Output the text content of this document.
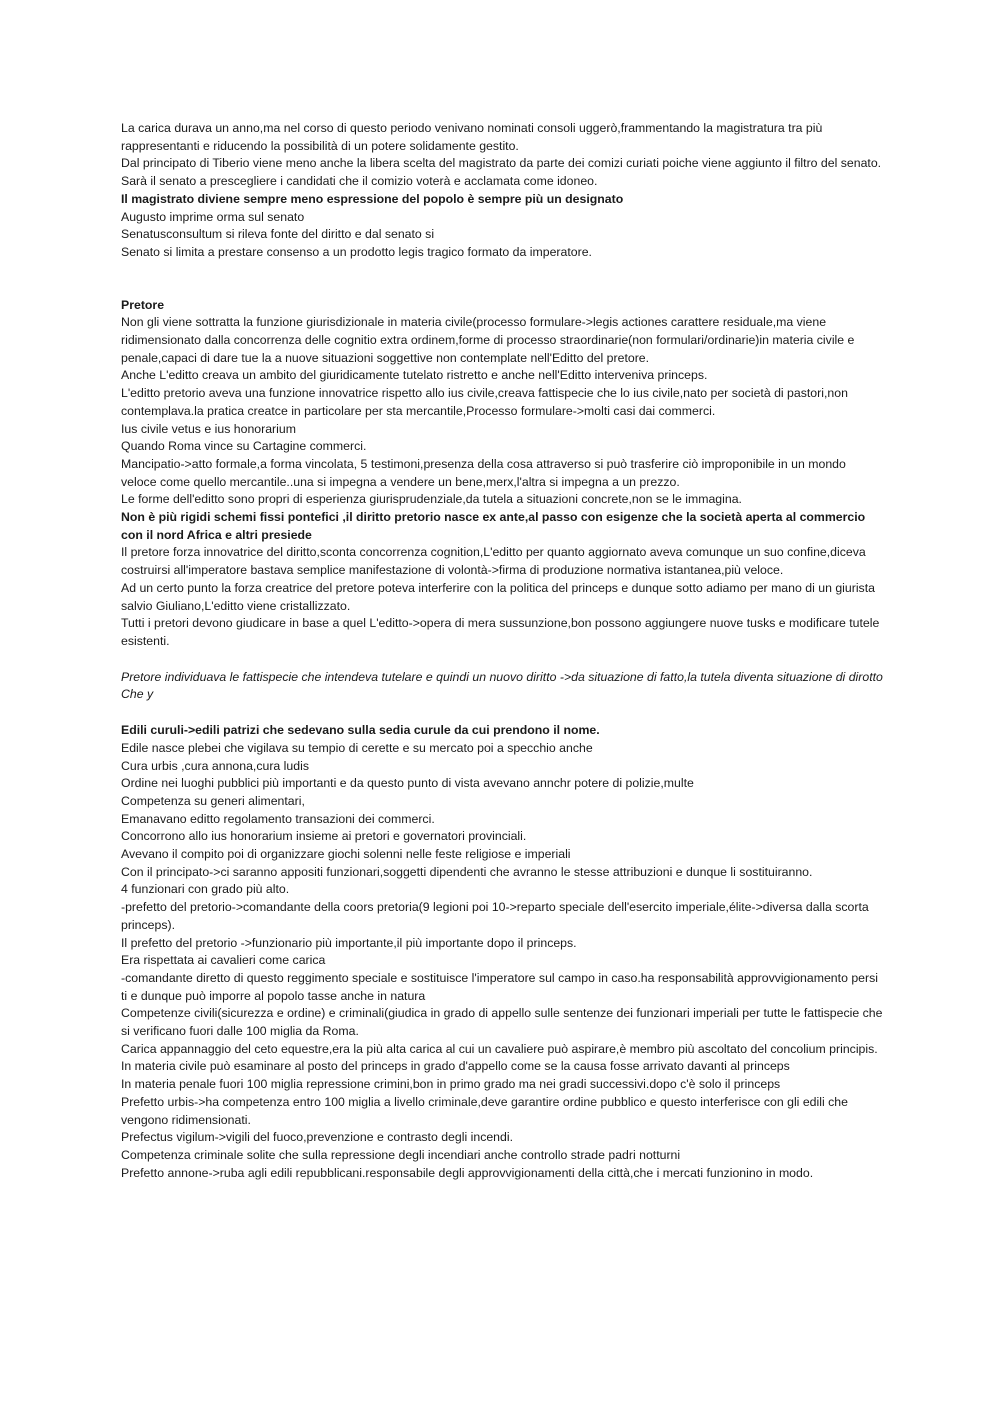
La carica durava un anno,ma nel corso di questo periodo venivano nominati consoli uggerò,frammentando la magistratura tra più rappresentanti e riducendo la possibilità di un potere solidamente gestito.

Dal principato di Tiberio viene meno anche la libera scelta del magistrato da parte dei comizi curiati poiche viene aggiunto il filtro del senato.

Sarà il senato a prescegliere i candidati che il comizio voterà e acclamata come idoneo.

Il magistrato diviene sempre meno espressione del popolo è sempre più un designato

Augusto imprime orma sul senato

Senatusconsultum si rileva fonte del diritto e dal senato si

Senato si limita a prestare consenso a un prodotto legis tragico formato da imperatore.

Pretore

Non gli viene sottratta la funzione giurisdizionale in materia civile(processo formulare->legis actiones carattere residuale,ma viene ridimensionato dalla concorrenza delle cognitio extra ordinem,forme di processo straordinarie(non formulari/ordinarie)in materia civile e penale,capaci di dare tue la a nuove situazioni soggettive non contemplate nell'Editto del pretore.

Anche L'editto creava un ambito del giuridicamente tutelato ristretto e anche nell'Editto interveniva princeps.

L'editto pretorio aveva una funzione innovatrice rispetto allo ius civile,creava fattispecie che lo ius civile,nato per società di pastori,non contemplava.la pratica creatce in particolare per sta mercantile,Processo formulare->molti casi dai commerci.

Ius civile vetus e ius honorarium

Quando Roma vince su Cartagine commerci.

Mancipatio->atto formale,a forma vincolata, 5 testimoni,presenza della cosa attraverso si può trasferire ciò improponibile in un mondo veloce come quello mercantile..una si impegna a vendere un bene,merx,l'altra si impegna a un prezzo.

Le forme dell'editto sono propri di esperienza giurisprudenziale,da tutela a situazioni concrete,non se le immagina.

Non è più rigidi schemi fissi pontefici ,il diritto pretorio nasce ex ante,al passo con esigenze che la società aperta al commercio con il nord Africa e altri presiede

Il pretore forza innovatrice del diritto,sconta concorrenza cognition,L'editto per quanto aggiornato aveva comunque un suo confine,diceva costruirsi all'imperatore bastava semplice manifestazione di volontà->firma di produzione normativa istantanea,più veloce.

Ad un certo punto la forza creatrice del pretore poteva interferire con la politica del princeps e dunque sotto adiamo per mano di un giurista salvio Giuliano,L'editto viene cristallizzato.

Tutti i pretori devono giudicare in base a quel L'editto->opera di mera sussunzione,bon possono aggiungere nuove tusks e modificare tutele esistenti.

Pretore individuava le fattispecie che intendeva tutelare e quindi un nuovo diritto ->da situazione di fatto,la tutela diventa situazione di dirotto

Che y

Edili curuli->edili patrizi che sedevano sulla sedia curule da cui prendono il nome.

Edile nasce plebei che vigilava su tempio di cerette e su mercato poi a specchio anche

Cura urbis ,cura annona,cura ludis

Ordine nei luoghi pubblici più importanti e da questo punto di vista avevano annchr potere di polizie,multe

Competenza su generi alimentari,

Emanavano editto regolamento transazioni dei commerci.

Concorrono allo ius honorarium insieme ai pretori e governatori provinciali.

Avevano il compito poi di organizzare giochi solenni nelle feste religiose e imperiali

Con il principato->ci saranno appositi funzionari,soggetti dipendenti che avranno le stesse attribuzioni e dunque li sostituiranno.

4 funzionari con grado più alto.

-prefetto del pretorio->comandante della coors pretoria(9 legioni poi 10->reparto speciale dell'esercito imperiale,élite->diversa dalla scorta princeps).

Il prefetto del pretorio ->funzionario più importante,il più importante dopo il princeps.

Era rispettata ai cavalieri come carica

-comandante diretto di questo reggimento speciale e sostituisce l'imperatore sul campo in caso.ha responsabilità approvvigionamento persi ti e dunque può imporre al popolo tasse anche in natura

Competenze civili(sicurezza e ordine) e criminali(giudica in grado di appello sulle sentenze dei funzionari imperiali per tutte le fattispecie che si verificano fuori dalle 100 miglia da Roma.

Carica appannaggio del ceto equestre,era la più alta carica al cui un cavaliere può aspirare,è membro più ascoltato del concolium principis.

In materia civile può esaminare al posto del princeps in grado d'appello come se la causa fosse arrivato davanti al princeps

In materia penale fuori 100 miglia repressione crimini,bon in primo grado ma nei gradi successivi.dopo c'è solo il princeps

Prefetto urbis->ha competenza entro 100 miglia a livello criminale,deve garantire ordine pubblico e questo interferisce con gli edili che vengono ridimensionati.

Prefectus vigilum->vigili del fuoco,prevenzione e contrasto degli incendi.

Competenza criminale solite che sulla repressione degli incendiari anche controllo strade padri notturni

Prefetto annone->ruba agli edili repubblicani.responsabile degli approvvigionamenti della città,che i mercati funzionino in modo.
